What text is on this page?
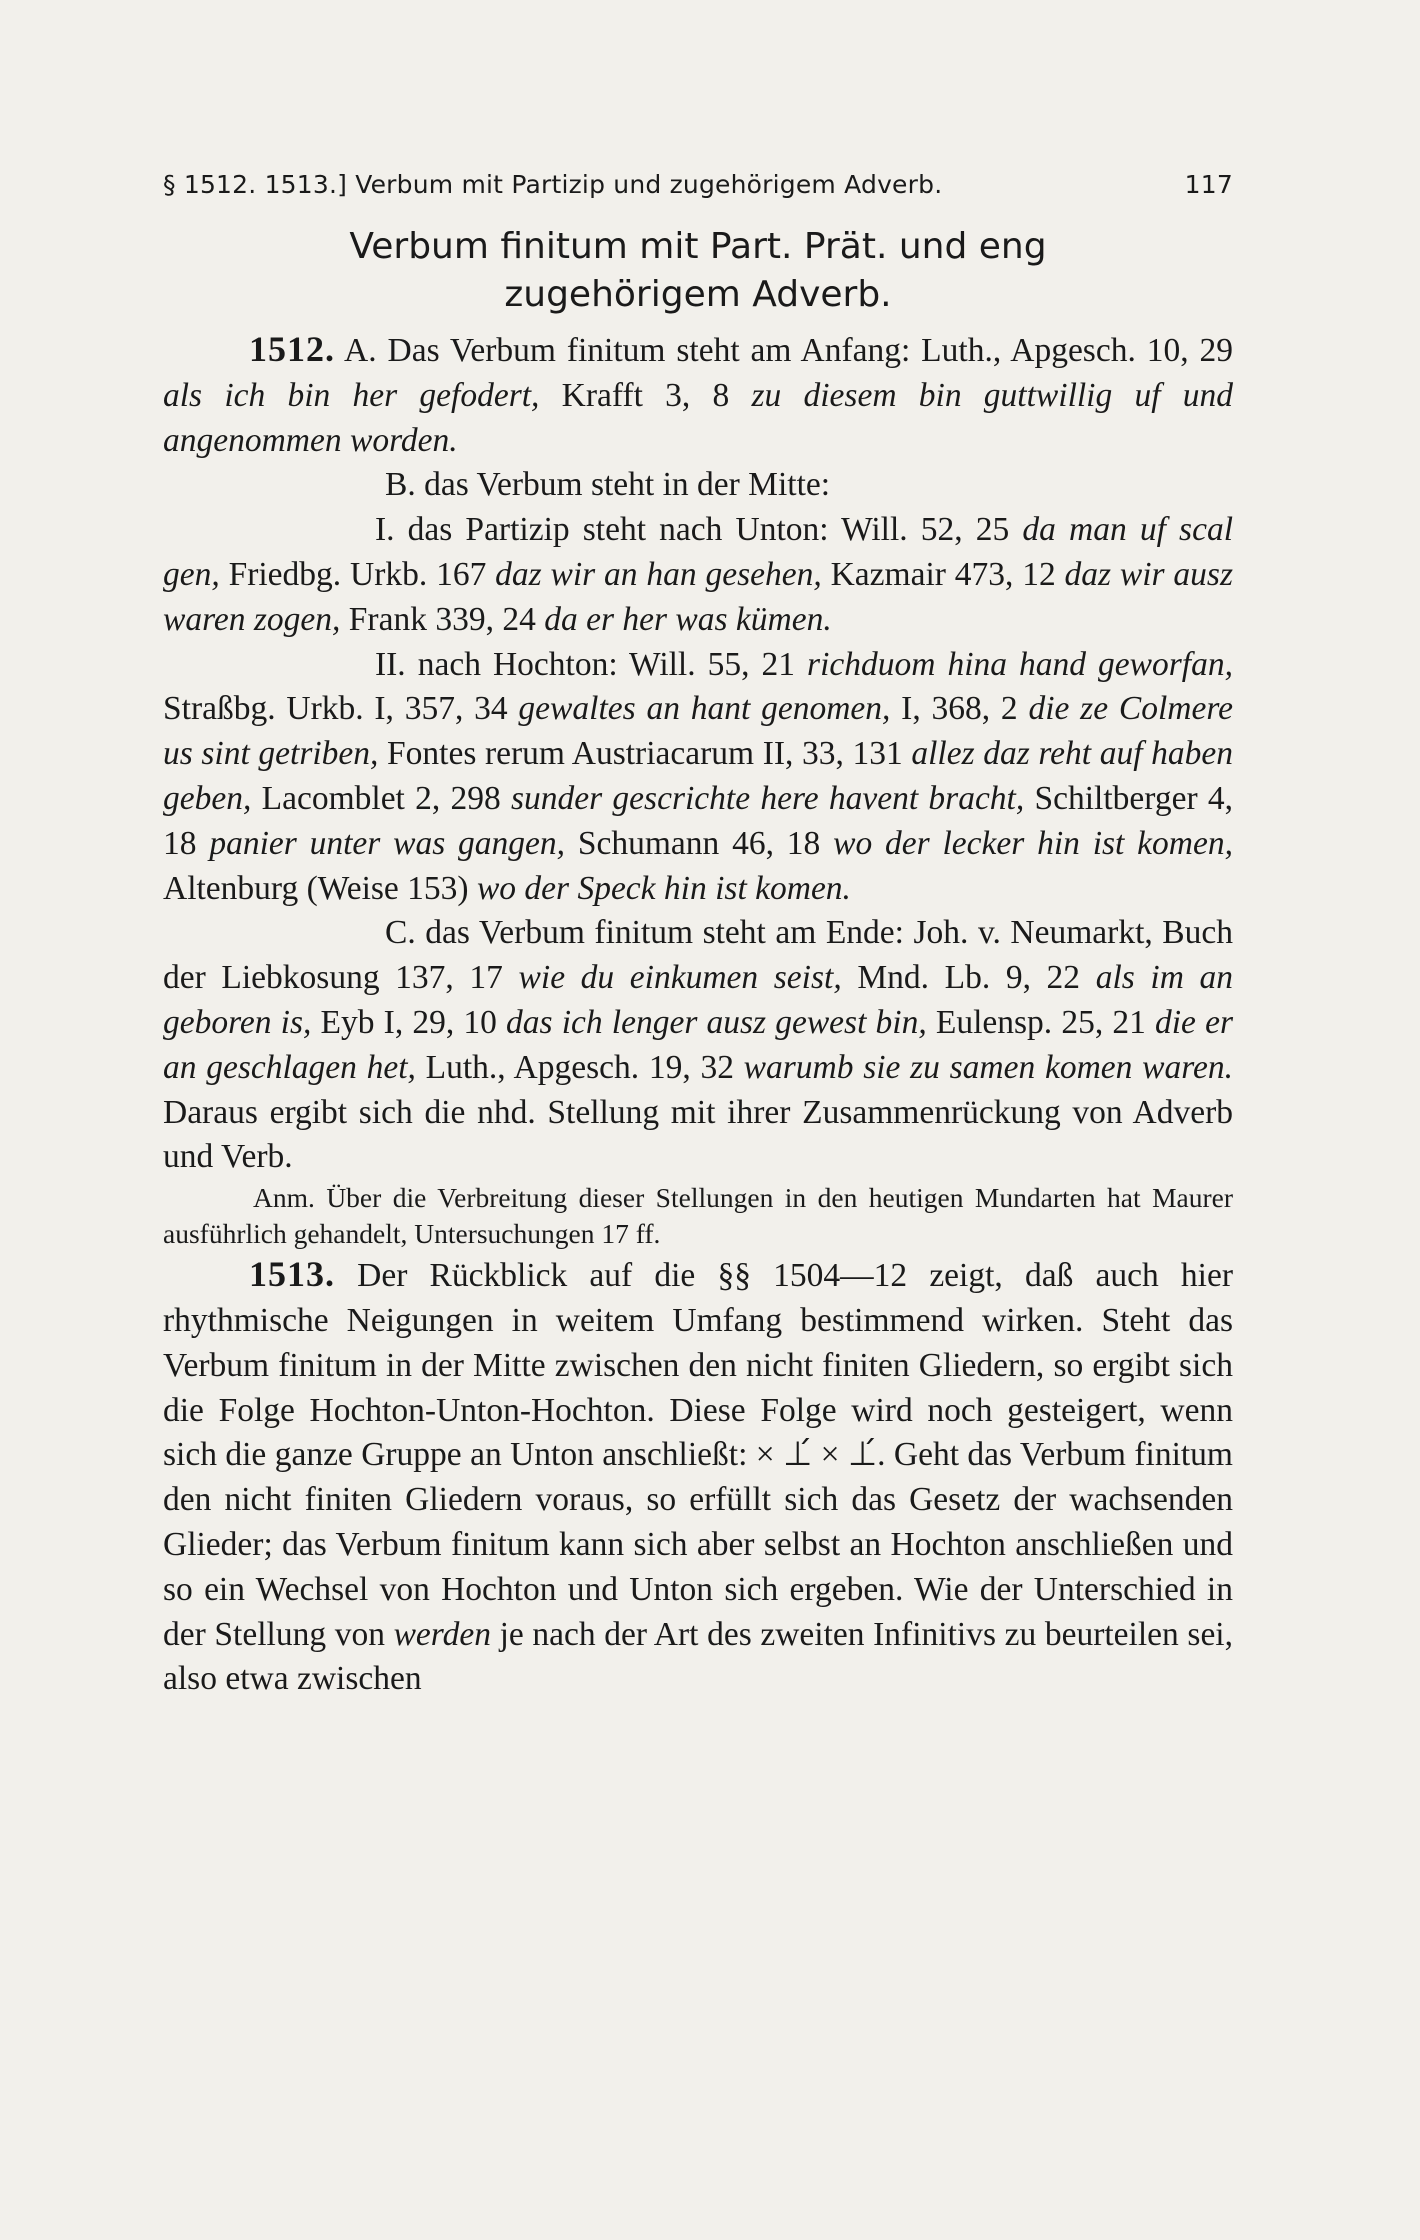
§ 1512. 1513.] Verbum mit Partizip und zugehörigem Adverb.	117
Verbum finitum mit Part. Prät. und eng
zugehörigem Adverb.

1512. A. Das Verbum finitum steht am Anfang: Luth., Apgesch. 10, 29 als ich bin her gefodert, Krafft 3, 8 zu diesem bin guttwillig uf und angenommen worden.

B. das Verbum steht in der Mitte:

I. das Partizip steht nach Unton: Will. 52, 25 da man uf scal gen, Friedbg. Urkb. 167 daz wir an han gesehen, Kazmair 473, 12 daz wir ausz waren zogen, Frank 339, 24 da er her was kümen.

II. nach Hochton: Will. 55, 21 richduom hina hand geworfan, Straßbg. Urkb. I, 357, 34 gewaltes an hant genomen, I, 368, 2 die ze Colmere us sint getriben, Fontes rerum Austriacarum II, 33, 131 allez daz reht auf haben geben, Lacomblet 2, 298 sunder gescrichte here havent bracht, Schiltberger 4, 18 panier unter was gangen, Schumann 46, 18 wo der lecker hin ist komen, Altenburg (Weise 153) wo der Speck hin ist komen.

C. das Verbum finitum steht am Ende: Joh. v. Neumarkt, Buch der Liebkosung 137, 17 wie du einkumen seist, Mnd. Lb. 9, 22 als im an geboren is, Eyb I, 29, 10 das ich lenger ausz gewest bin, Eulensp. 25, 21 die er an geschlagen het, Luth., Apgesch. 19, 32 warumb sie zu samen komen waren. Daraus ergibt sich die nhd. Stellung mit ihrer Zusammenrückung von Adverb und Verb.

Anm. Über die Verbreitung dieser Stellungen in den heutigen Mundarten hat Maurer ausführlich gehandelt, Untersuchungen 17 ff.

1513. Der Rückblick auf die §§ 1504—12 zeigt, daß auch hier rhythmische Neigungen in weitem Umfang bestimmend wirken. Steht das Verbum finitum in der Mitte zwischen den nicht finiten Gliedern, so ergibt sich die Folge Hochton-Unton-Hochton. Diese Folge wird noch gesteigert, wenn sich die ganze Gruppe an Unton anschließt: × ⊥́ × ⊥́. Geht das Verbum finitum den nicht finiten Gliedern voraus, so erfüllt sich das Gesetz der wachsenden Glieder; das Verbum finitum kann sich aber selbst an Hochton anschließen und so ein Wechsel von Hochton und Unton sich ergeben. Wie der Unterschied in der Stellung von werden je nach der Art des zweiten Infinitivs zu beurteilen sei, also etwa zwischen
